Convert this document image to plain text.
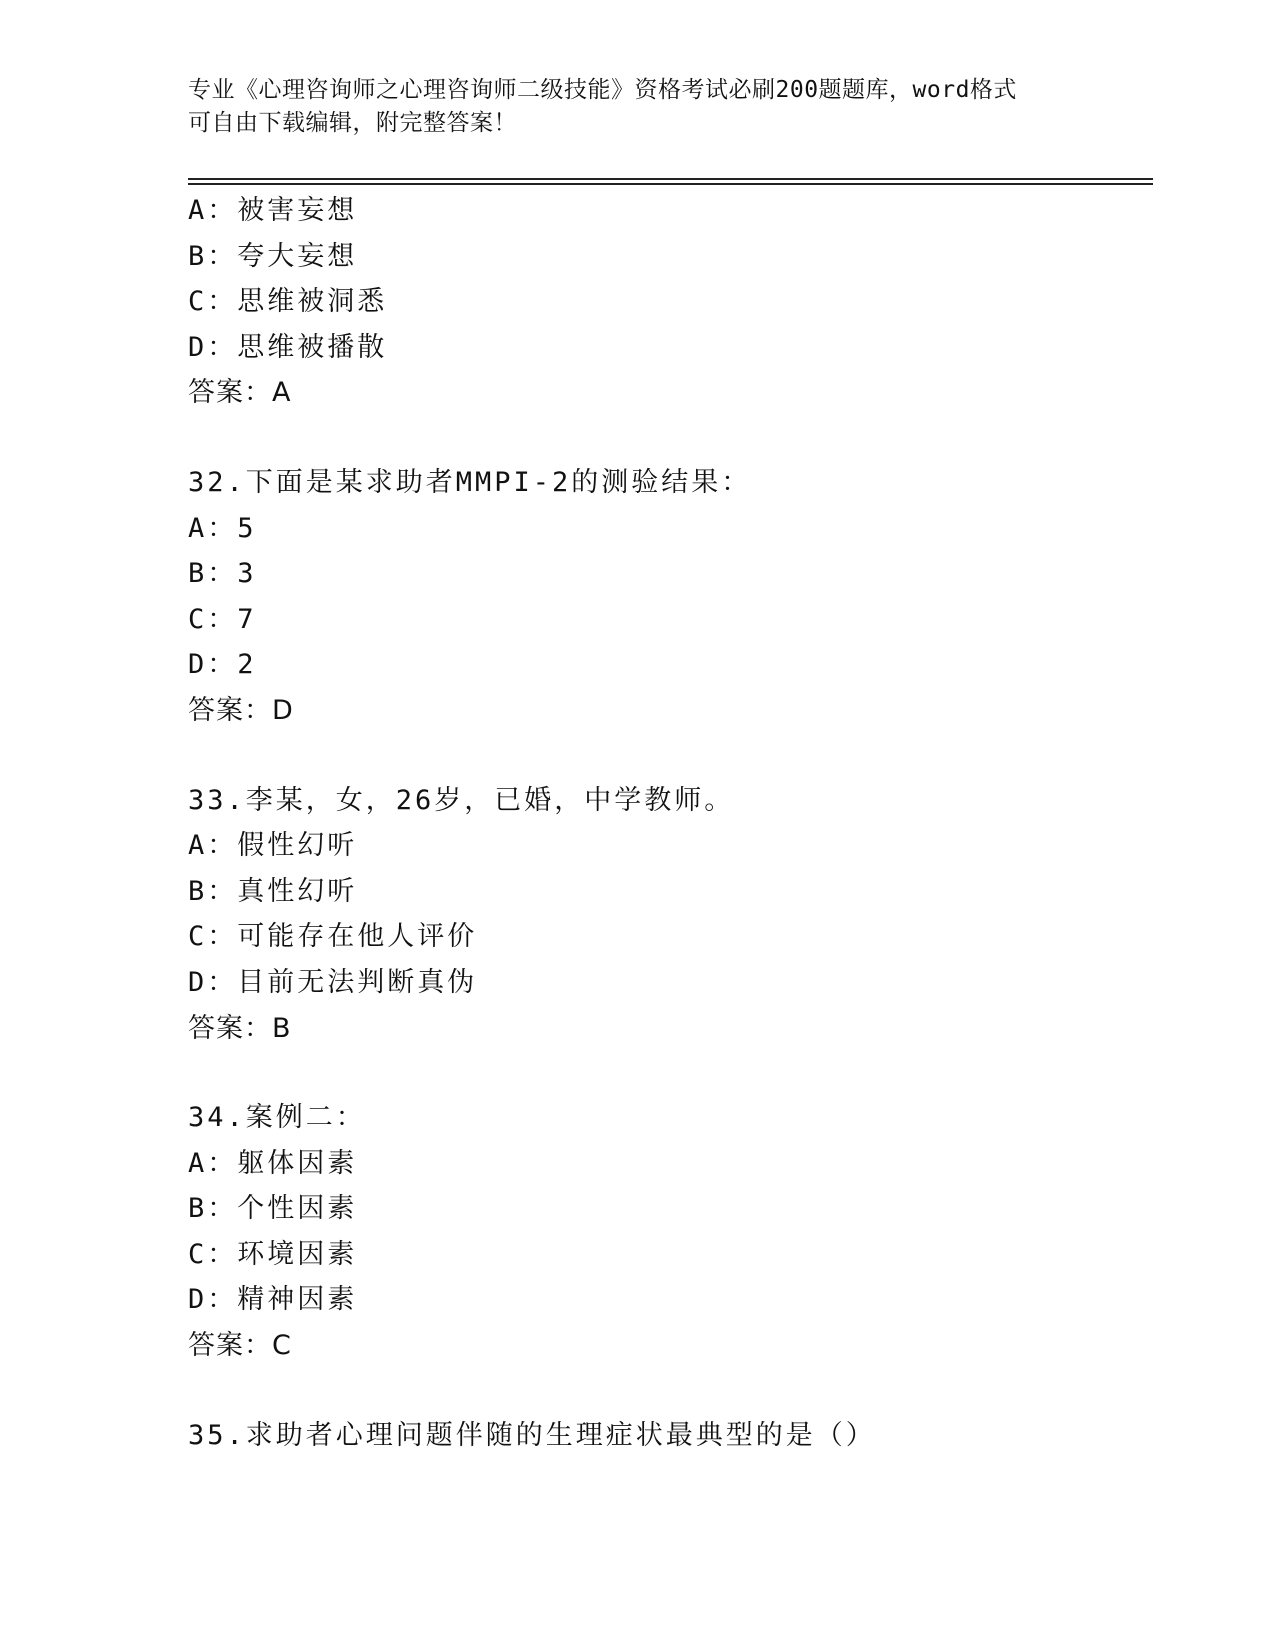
专业《心理咨询师之心理咨询师二级技能》资格考试必刷200题题库，word格式
可自由下载编辑，附完整答案！
A：被害妄想
B：夸大妄想
C：思维被洞悉
D：思维被播散
答案：A
32.下面是某求助者MMPI-2的测验结果：
A：5
B：3
C：7
D：2
答案：D
33.李某，女，26岁，已婚，中学教师。
A：假性幻听
B：真性幻听
C：可能存在他人评价
D：目前无法判断真伪
答案：B
34.案例二：
A：躯体因素
B：个性因素
C：环境因素
D：精神因素
答案：C
35.求助者心理问题伴随的生理症状最典型的是（）
